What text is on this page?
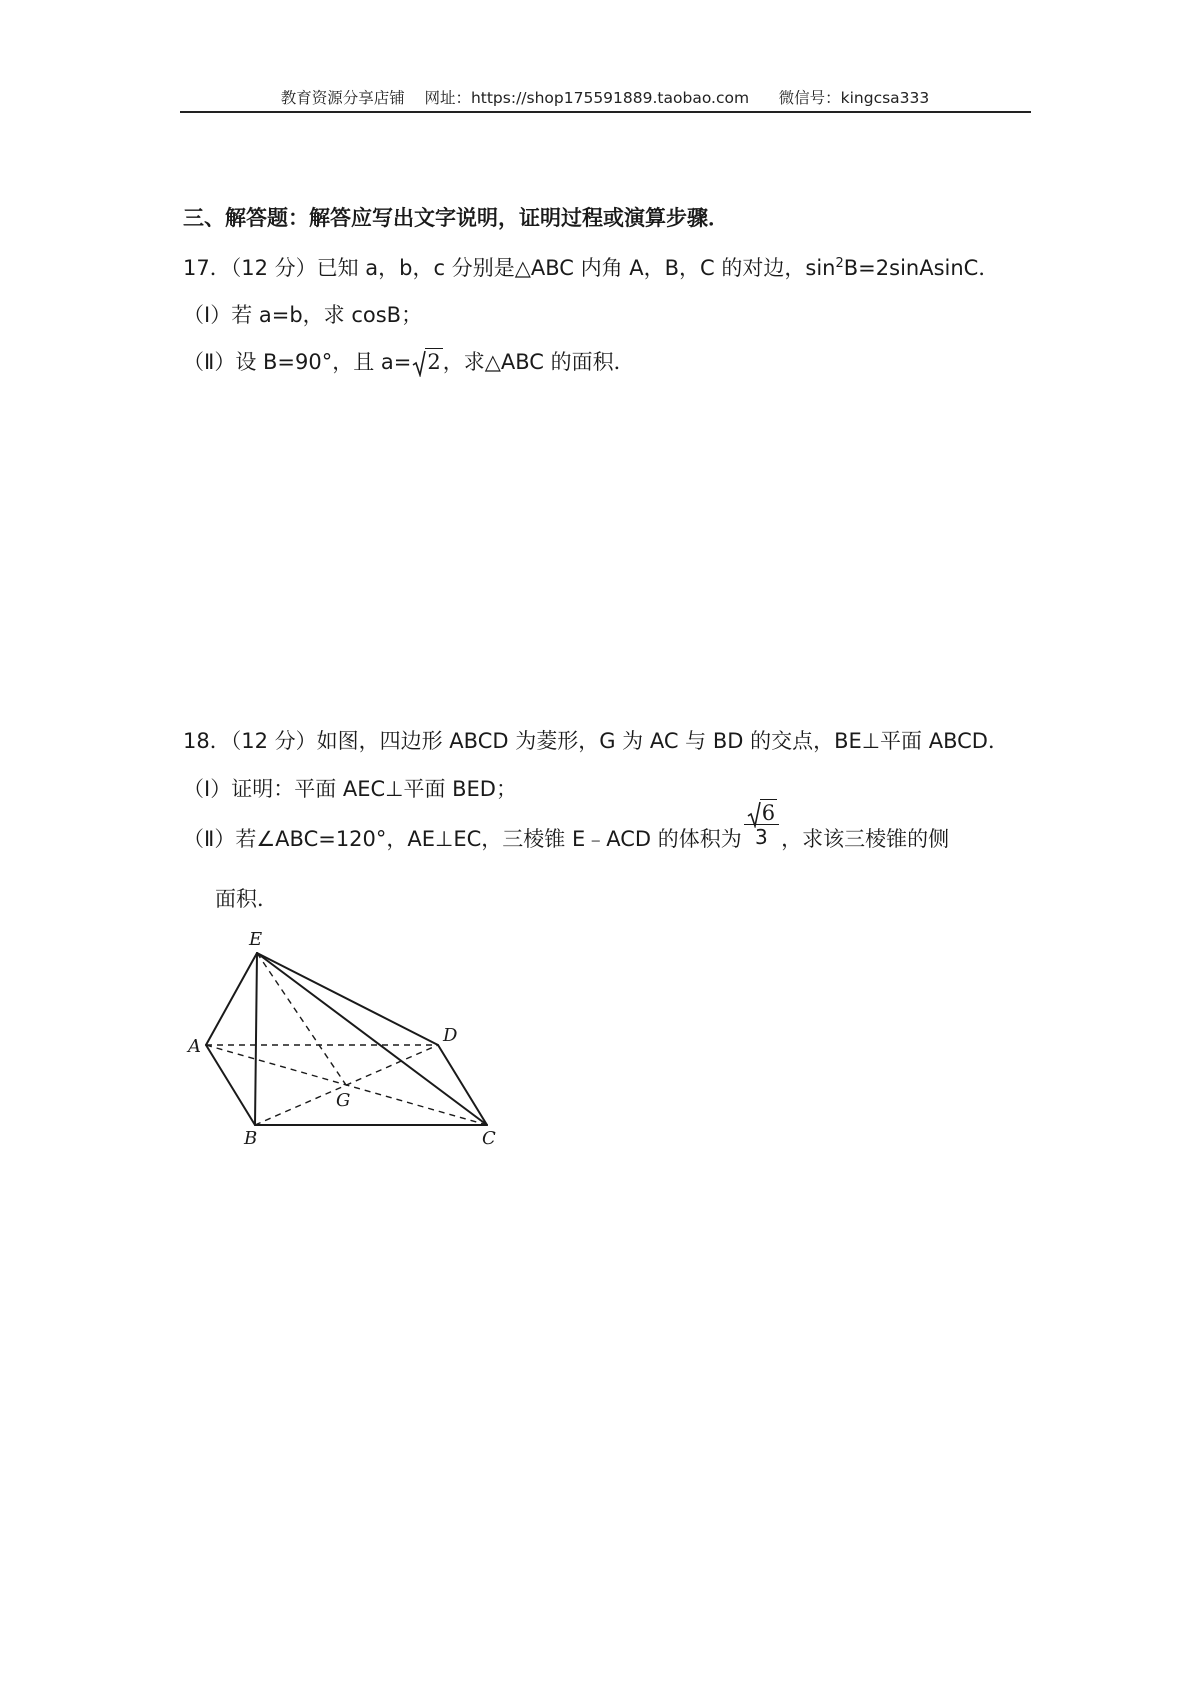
教育资源分享店铺    网址：https://shop175591889.taobao.com      微信号：kingcsa333
三、解答题：解答应写出文字说明，证明过程或演算步骤．
17．（12 分）已知 a，b，c 分别是△ABC 内角 A，B，C 的对边，$\sin^2B=2sinAsinC$．
（Ⅰ）若 a=b，求 cosB；
（Ⅱ）设 B=90°，且 a= 2，求△ABC 的面积．
18．（12 分）如图，四边形 ABCD 为菱形，G 为 AC 与 BD 的交点，BE⊥平面 ABCD．
（Ⅰ）证明：平面 AEC⊥平面 BED；
（Ⅱ）若∠ABC=120°，AE⊥EC，三棱锥 E﹣ACD 的体积为 $\frac{6}{3}$ ，求该三棱锥的侧
面积．
E
A
D
G
B	C
